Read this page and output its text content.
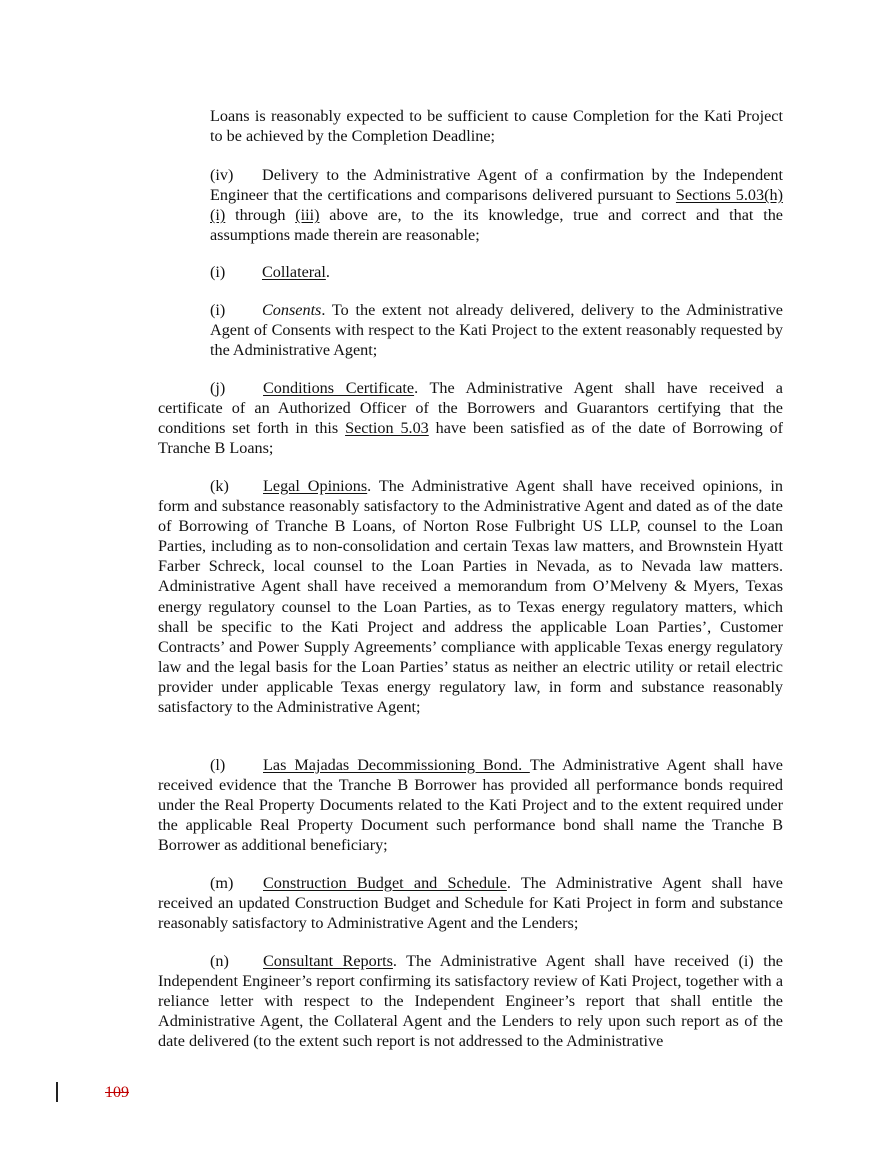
Loans is reasonably expected to be sufficient to cause Completion for the Kati Project to be achieved by the Completion Deadline;

(iv) Delivery to the Administrative Agent of a confirmation by the Independent Engineer that the certifications and comparisons delivered pursuant to Sections 5.03(h)(i) through (iii) above are, to the its knowledge, true and correct and that the assumptions made therein are reasonable;

(i) Collateral.

(i) Consents. To the extent not already delivered, delivery to the Administrative Agent of Consents with respect to the Kati Project to the extent reasonably requested by the Administrative Agent;

(j) Conditions Certificate. The Administrative Agent shall have received a certificate of an Authorized Officer of the Borrowers and Guarantors certifying that the conditions set forth in this Section 5.03 have been satisfied as of the date of Borrowing of Tranche B Loans;

(k) Legal Opinions. The Administrative Agent shall have received opinions, in form and substance reasonably satisfactory to the Administrative Agent and dated as of the date of Borrowing of Tranche B Loans, of Norton Rose Fulbright US LLP, counsel to the Loan Parties, including as to non-consolidation and certain Texas law matters, and Brownstein Hyatt Farber Schreck, local counsel to the Loan Parties in Nevada, as to Nevada law matters. Administrative Agent shall have received a memorandum from O’Melveny & Myers, Texas energy regulatory counsel to the Loan Parties, as to Texas energy regulatory matters, which shall be specific to the Kati Project and address the applicable Loan Parties’, Customer Contracts’ and Power Supply Agreements’ compliance with applicable Texas energy regulatory law and the legal basis for the Loan Parties’ status as neither an electric utility or retail electric provider under applicable Texas energy regulatory law, in form and substance reasonably satisfactory to the Administrative Agent;

(l) Las Majadas Decommissioning Bond. The Administrative Agent shall have received evidence that the Tranche B Borrower has provided all performance bonds required under the Real Property Documents related to the Kati Project and to the extent required under the applicable Real Property Document such performance bond shall name the Tranche B Borrower as additional beneficiary;

(m) Construction Budget and Schedule. The Administrative Agent shall have received an updated Construction Budget and Schedule for Kati Project in form and substance reasonably satisfactory to Administrative Agent and the Lenders;

(n) Consultant Reports. The Administrative Agent shall have received (i) the Independent Engineer’s report confirming its satisfactory review of Kati Project, together with a reliance letter with respect to the Independent Engineer’s report that shall entitle the Administrative Agent, the Collateral Agent and the Lenders to rely upon such report as of the date delivered (to the extent such report is not addressed to the Administrative

109
